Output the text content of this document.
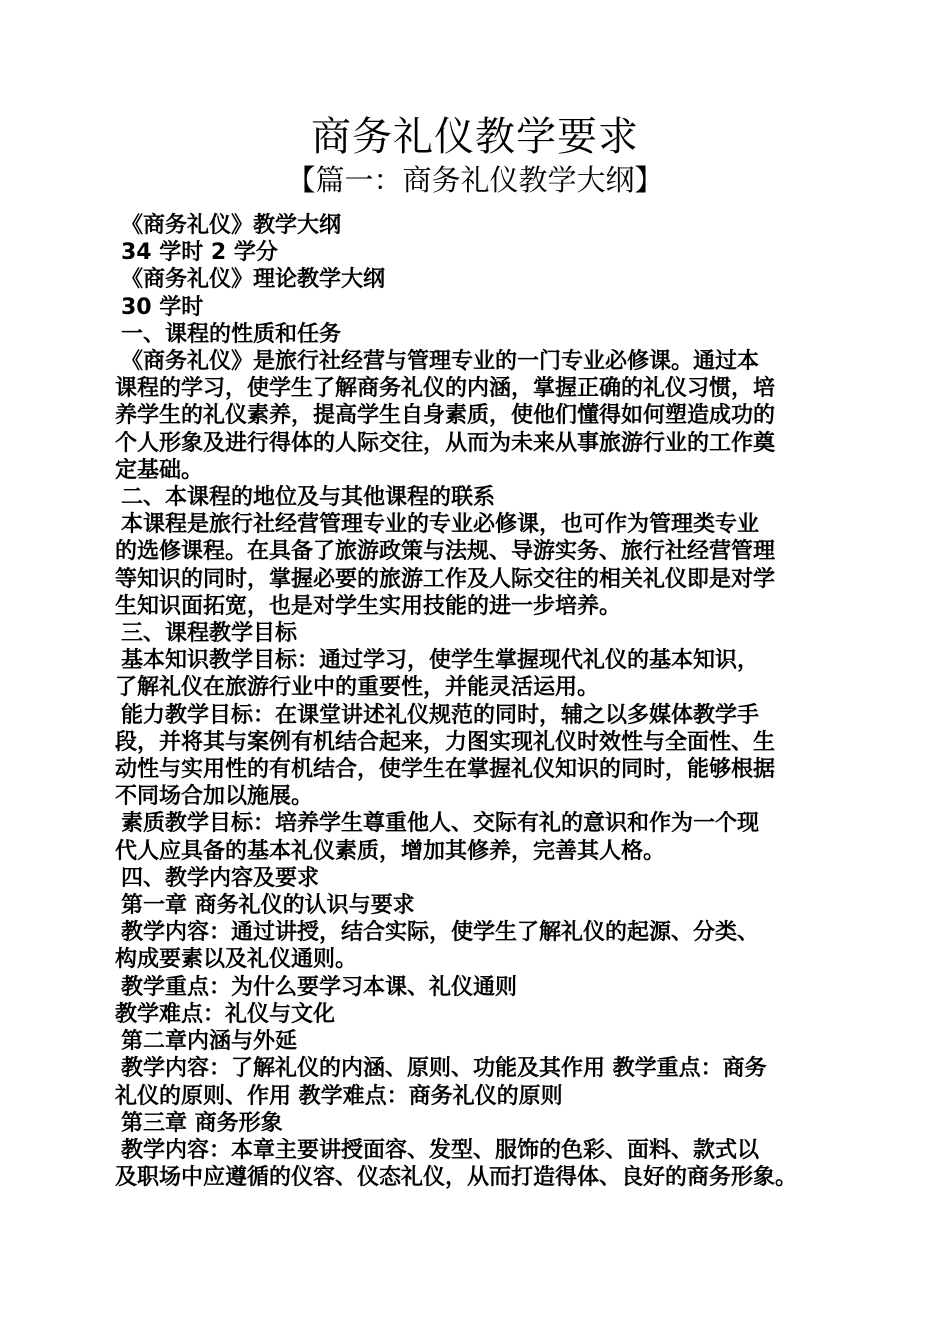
商务礼仪教学要求
【篇一：商务礼仪教学大纲】
《商务礼仪》教学大纲
34 学时 2 学分
《商务礼仪》理论教学大纲
30 学时
一、课程的性质和任务
《商务礼仪》是旅行社经营与管理专业的一门专业必修课。通过本
课程的学习，使学生了解商务礼仪的内涵，掌握正确的礼仪习惯，培
养学生的礼仪素养，提高学生自身素质，使他们懂得如何塑造成功的
个人形象及进行得体的人际交往，从而为未来从事旅游行业的工作奠
定基础。
二、本课程的地位及与其他课程的联系
本课程是旅行社经营管理专业的专业必修课，也可作为管理类专业
的选修课程。在具备了旅游政策与法规、导游实务、旅行社经营管理
等知识的同时，掌握必要的旅游工作及人际交往的相关礼仪即是对学
生知识面拓宽，也是对学生实用技能的进一步培养。
三、课程教学目标
基本知识教学目标：通过学习，使学生掌握现代礼仪的基本知识，
了解礼仪在旅游行业中的重要性，并能灵活运用。
能力教学目标：在课堂讲述礼仪规范的同时，辅之以多媒体教学手
段，并将其与案例有机结合起来，力图实现礼仪时效性与全面性、生
动性与实用性的有机结合，使学生在掌握礼仪知识的同时，能够根据
不同场合加以施展。
素质教学目标：培养学生尊重他人、交际有礼的意识和作为一个现
代人应具备的基本礼仪素质，增加其修养，完善其人格。
四、教学内容及要求
第一章 商务礼仪的认识与要求
教学内容：通过讲授，结合实际，使学生了解礼仪的起源、分类、
构成要素以及礼仪通则。
教学重点：为什么要学习本课、礼仪通则
教学难点：礼仪与文化
第二章内涵与外延
教学内容：了解礼仪的内涵、原则、功能及其作用 教学重点：商务
礼仪的原则、作用 教学难点：商务礼仪的原则
第三章 商务形象
教学内容：本章主要讲授面容、发型、服饰的色彩、面料、款式以
及职场中应遵循的仪容、仪态礼仪，从而打造得体、良好的商务形象。
